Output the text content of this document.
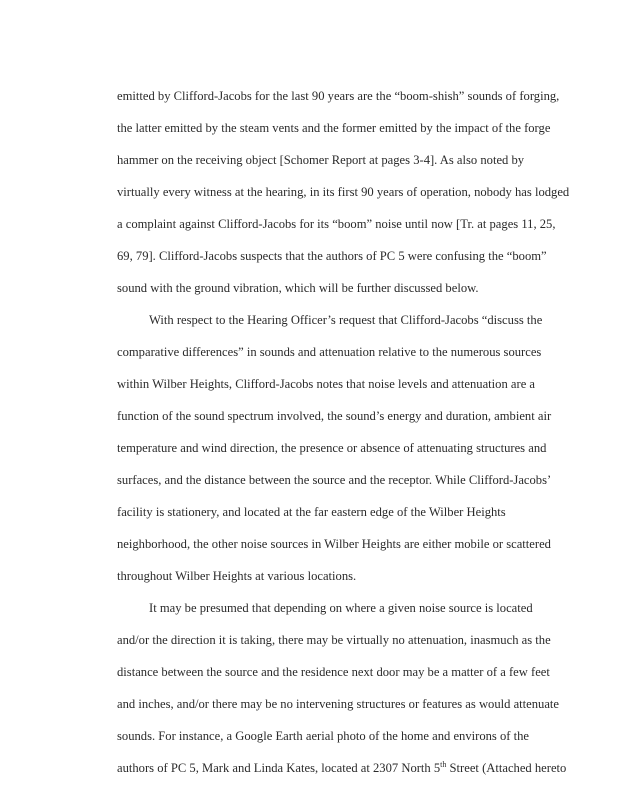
emitted by Clifford-Jacobs for the last 90 years are the “boom-shish” sounds of forging,
the latter emitted by the steam vents and the former emitted by the impact of the forge
hammer on the receiving object [Schomer Report at pages 3-4]. As also noted by
virtually every witness at the hearing, in its first 90 years of operation, nobody has lodged
a complaint against Clifford-Jacobs for its “boom” noise until now [Tr. at pages 11, 25,
69, 79]. Clifford-Jacobs suspects that the authors of PC 5 were confusing the “boom”
sound with the ground vibration, which will be further discussed below.
With respect to the Hearing Officer’s request that Clifford-Jacobs “discuss the
comparative differences” in sounds and attenuation relative to the numerous sources
within Wilber Heights, Clifford-Jacobs notes that noise levels and attenuation are a
function of the sound spectrum involved, the sound’s energy and duration, ambient air
temperature and wind direction, the presence or absence of attenuating structures and
surfaces, and the distance between the source and the receptor. While Clifford-Jacobs’
facility is stationery, and located at the far eastern edge of the Wilber Heights
neighborhood, the other noise sources in Wilber Heights are either mobile or scattered
throughout Wilber Heights at various locations.
It may be presumed that depending on where a given noise source is located
and/or the direction it is taking, there may be virtually no attenuation, inasmuch as the
distance between the source and the residence next door may be a matter of a few feet
and inches, and/or there may be no intervening structures or features as would attenuate
sounds. For instance, a Google Earth aerial photo of the home and environs of the
authors of PC 5, Mark and Linda Kates, located at 2307 North 5th Street (Attached hereto
